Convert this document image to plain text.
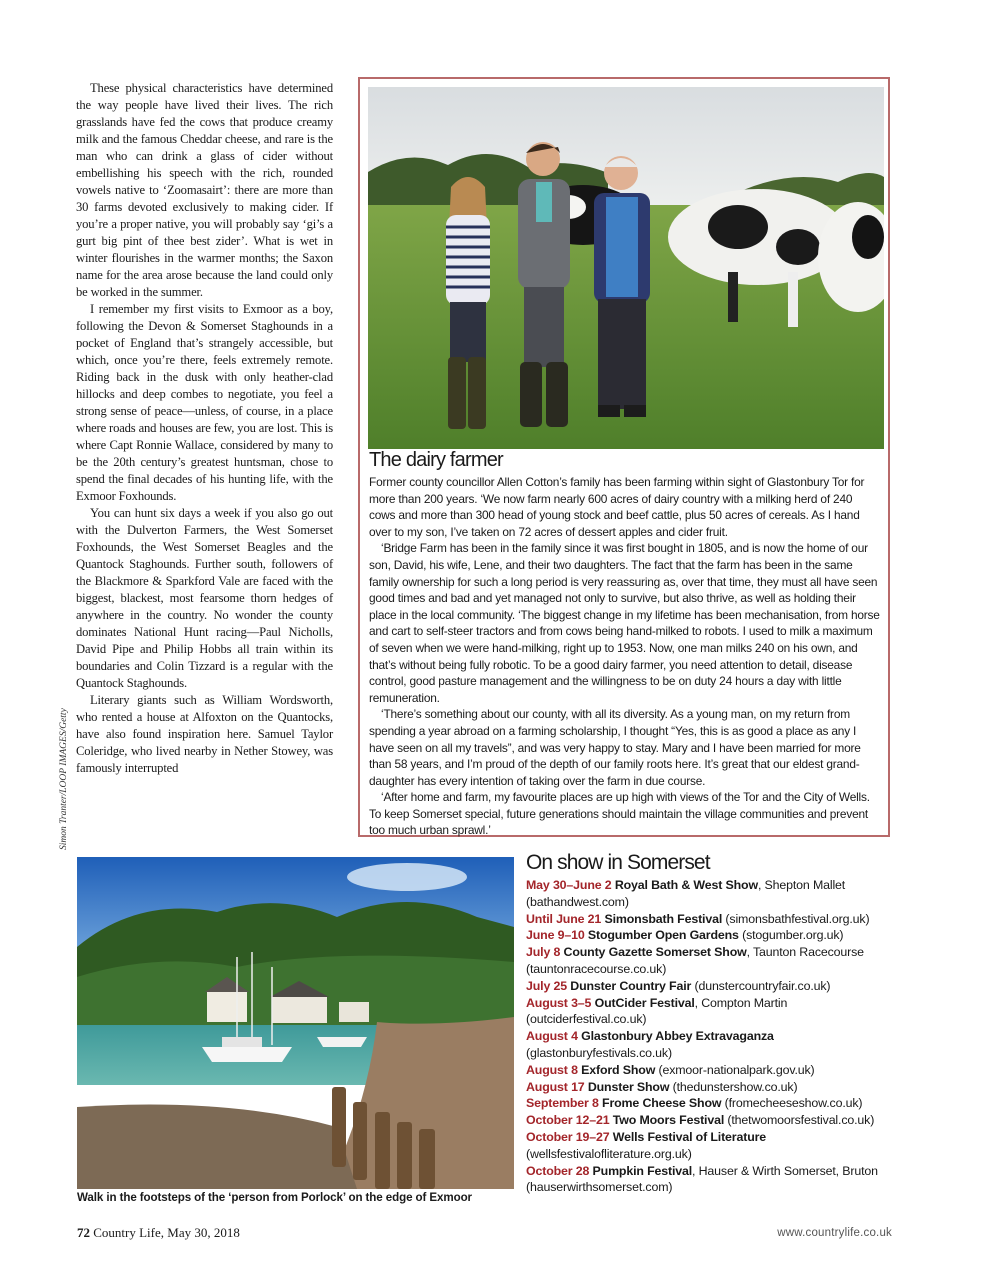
These physical characteristics have determined the way people have lived their lives. The rich grasslands have fed the cows that produce creamy milk and the famous Cheddar cheese, and rare is the man who can drink a glass of cider without embellishing his speech with the rich, rounded vowels native to ‘Zoomasairt’: there are more than 30 farms devoted exclusively to making cider. If you’re a proper native, you will probably say ‘gi’s a gurt big pint of thee best zider’. What is wet in winter flourishes in the warmer months; the Saxon name for the area arose because the land could only be worked in the summer.

I remember my first visits to Exmoor as a boy, following the Devon & Somerset Staghounds in a pocket of England that’s strangely accessible, but which, once you’re there, feels extremely remote. Riding back in the dusk with only heather-clad hillocks and deep combes to negotiate, you feel a strong sense of peace—unless, of course, in a place where roads and houses are few, you are lost. This is where Capt Ronnie Wallace, considered by many to be the 20th century’s greatest huntsman, chose to spend the final decades of his hunting life, with the Exmoor Foxhounds.

You can hunt six days a week if you also go out with the Dulverton Farmers, the West Somerset Foxhounds, the West Somerset Beagles and the Quantock Staghounds. Further south, followers of the Blackmore & Sparkford Vale are faced with the biggest, blackest, most fearsome thorn hedges of anywhere in the country. No wonder the county dominates National Hunt racing—Paul Nicholls, David Pipe and Philip Hobbs all train within its boundaries and Colin Tizzard is a regular with the Quantock Staghounds.

Literary giants such as William Wordsworth, who rented a house at Alfoxton on the Quantocks, have also found inspiration here. Samuel Taylor Coleridge, who lived nearby in Nether Stowey, was famously interrupted

Simon Tranter/LOOP IMAGES/Getty
The dairy farmer

Former county councillor Allen Cotton’s family has been farming within sight of Glastonbury Tor for more than 200 years. ‘We now farm nearly 600 acres of dairy country with a milking herd of 240 cows and more than 300 head of young stock and beef cattle, plus 50 acres of cereals. As I hand over to my son, I’ve taken on 72 acres of dessert apples and cider fruit.

‘Bridge Farm has been in the family since it was first bought in 1805, and is now the home of our son, David, his wife, Lene, and their two daughters. The fact that the farm has been in the same family ownership for such a long period is very reassuring as, over that time, they must all have seen good times and bad and yet managed not only to survive, but also thrive, as well as holding their place in the local community. ‘The biggest change in my lifetime has been mechanisation, from horse and cart to self-steer tractors and from cows being hand-milked to robots. I used to milk a maximum of seven when we were hand-milking, right up to 1953. Now, one man milks 240 on his own, and that’s without being fully robotic. To be a good dairy farmer, you need attention to detail, disease control, good pasture management and the willingness to be on duty 24 hours a day with little remuneration.

‘There’s something about our county, with all its diversity. As a young man, on my return from spending a year abroad on a farming scholarship, I thought “Yes, this is as good a place as any I have seen on all my travels”, and was very happy to stay. Mary and I have been married for more than 58 years, and I’m proud of the depth of our family roots here. It’s great that our eldest grand-daughter has every intention of taking over the farm in due course.

‘After home and farm, my favourite places are up high with views of the Tor and the City of Wells. To keep Somerset special, future generations should maintain the village communities and prevent too much urban sprawl.’

Walk in the footsteps of the ‘person from Porlock’ on the edge of Exmoor
On show in Somerset
May 30–June 2 Royal Bath & West Show, Shepton Mallet (bathandwest.com)
Until June 21 Simonsbath Festival (simonsbathfestival.org.uk)
June 9–10 Stogumber Open Gardens (stogumber.org.uk)
July 8 County Gazette Somerset Show, Taunton Racecourse (tauntonracecourse.co.uk)
July 25 Dunster Country Fair (dunstercountryfair.co.uk)
August 3–5 OutCider Festival, Compton Martin (outciderfestival.co.uk)
August 4 Glastonbury Abbey Extravaganza (glastonburyfestivals.co.uk)
August 8 Exford Show (exmoor-nationalpark.gov.uk)
August 17 Dunster Show (thedunstershow.co.uk)
September 8 Frome Cheese Show (fromecheeseshow.co.uk)
October 12–21 Two Moors Festival (thetwomoorsfestival.co.uk)
October 19–27 Wells Festival of Literature (wellsfestivalofliterature.org.uk)
October 28 Pumpkin Festival, Hauser & Wirth Somerset, Bruton (hauserwirthsomerset.com)
72 Country Life, May 30, 2018	www.countrylife.co.uk
